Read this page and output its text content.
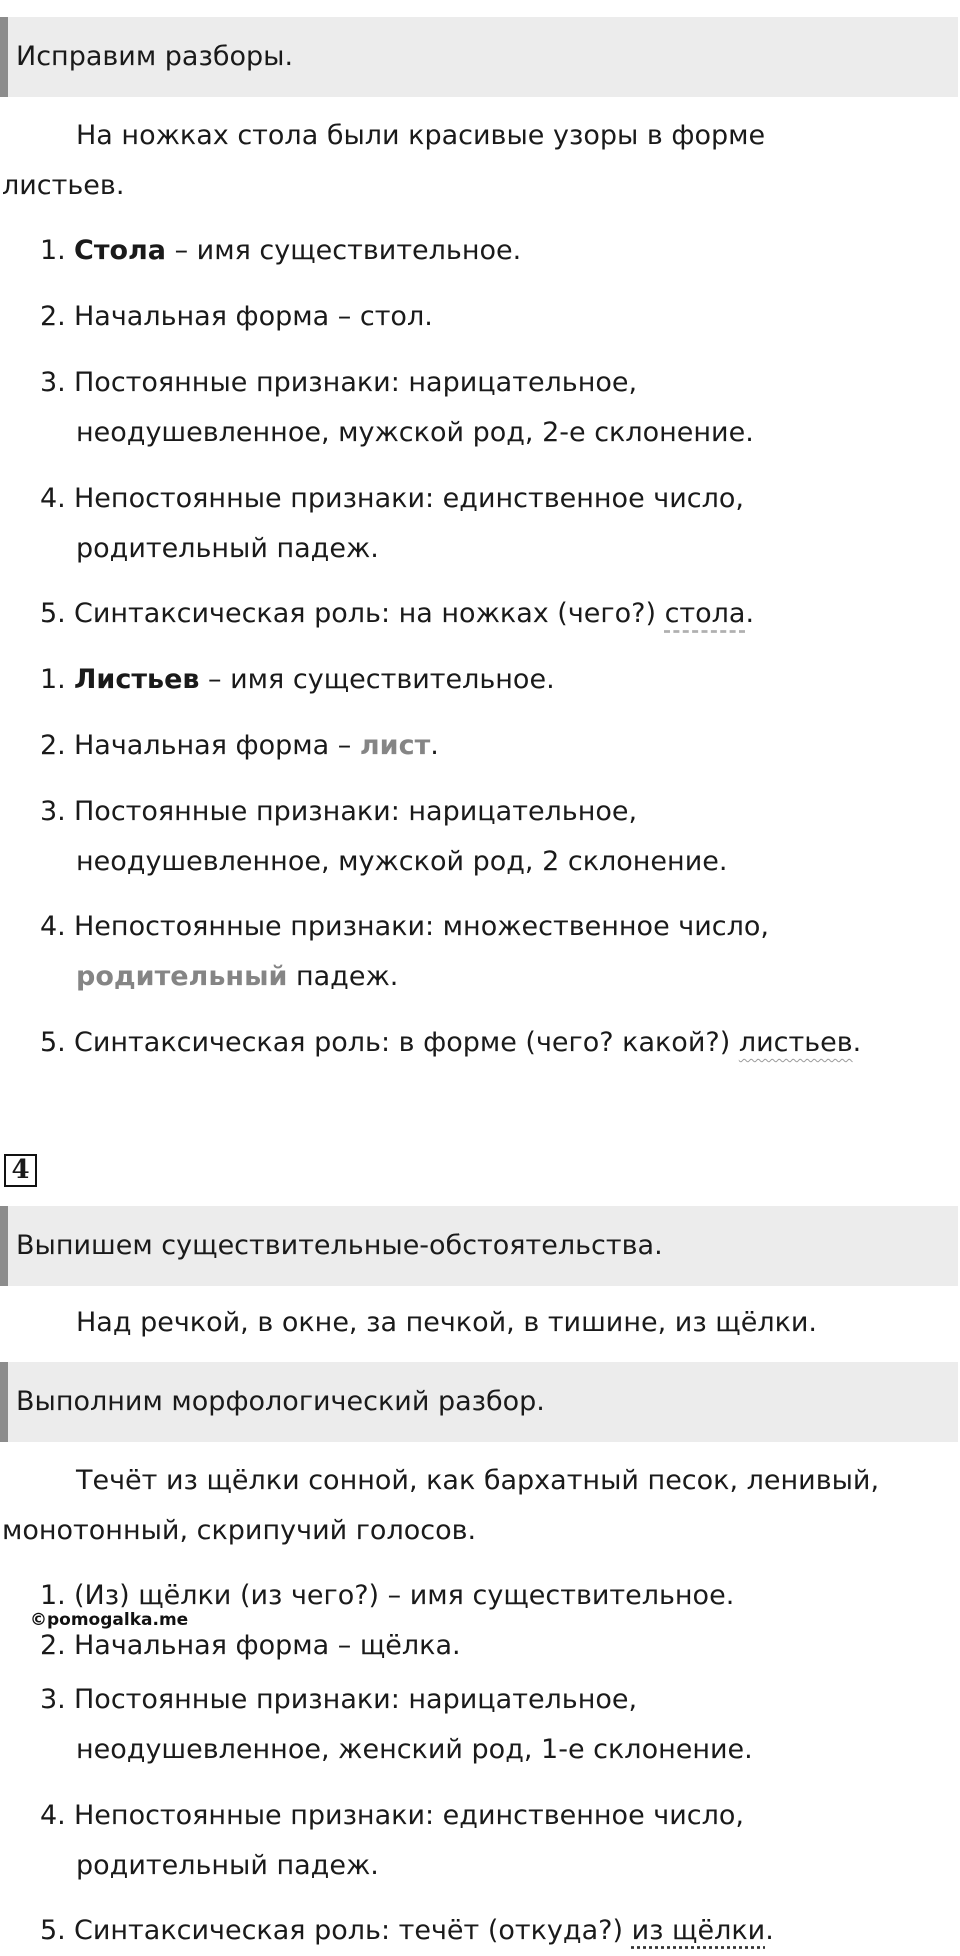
Исправим разборы.
На ножках стола были красивые узоры в форме
листьев.
1. Стола – имя существительное.
2. Начальная форма – стол.
3. Постоянные признаки: нарицательное,
неодушевленное, мужской род, 2-е склонение.
4. Непостоянные признаки: единственное число,
родительный падеж.
5. Синтаксическая роль: на ножках (чего?) стола.
1. Листьев – имя существительное.
2. Начальная форма – лист.
3. Постоянные признаки: нарицательное,
неодушевленное, мужской род, 2 склонение.
4. Непостоянные признаки: множественное число,
родительный падеж.
5. Синтаксическая роль: в форме (чего? какой?) листьев.
4
Выпишем существительные-обстоятельства.
Над речкой, в окне, за печкой, в тишине, из щёлки.
Выполним морфологический разбор.
Течёт из щёлки сонной, как бархатный песок, ленивый,
монотонный, скрипучий голосов.
1. (Из) щёлки (из чего?) – имя существительное.
2. Начальная форма – щёлка.
3. Постоянные признаки: нарицательное,
неодушевленное, женский род, 1-е склонение.
4. Непостоянные признаки: единственное число,
родительный падеж.
5. Синтаксическая роль: течёт (откуда?) из щёлки.
©pomogalka.me
